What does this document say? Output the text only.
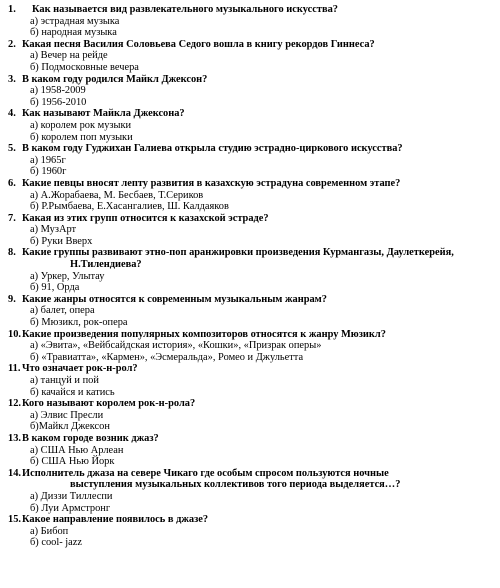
1.	Как называется вид развлекательного музыкального искусства?
а) эстрадная музыка
б) народная музыка
2. Какая песня Василия Соловьева Седого вошла в книгу рекордов Гиннеса?
а) Вечер на рейде
б) Подмосковные вечера
3. В каком году родился Майкл Джексон?
а) 1958-2009
б) 1956-2010
4. Как называют Майкла Джексона?
а) королем рок музыки
б) королем поп музыки
5. В каком году Гуджихан Галиева открыла студию эстрадно-циркового искусства?
а) 1965г
б) 1960г
6. Какие певцы вносят лепту развития в казахскую эстрадуна современном этапе?
а) А.Жорабаева, М. Бесбаев, Т.Сериков
б) Р.Рымбаева, Е.Хасангалиев, Ш. Калдаяков
7. Какая из этих групп относится к казахской эстраде?
а) МузАрт
б) Руки Вверх
8. Какие группы развивают этно-поп аранжировки произведения Курмангазы, Даулеткерейя,
Н.Тилендиева?
а) Уркер, Улытау
б) 91, Орда
9. Какие жанры относятся к современным музыкальным жанрам?
а) балет, опера
б) Мюзикл, рок-опера
10. Какие произведения популярных композиторов относятся к жанру Мюзикл?
а) «Эвита», «Вейбсайдская история», «Кошки», «Призрак оперы»
б) «Травиатта», «Кармен», «Эсмеральда», Ромео и Джульетта
11. Что означает рок-н-рол?
а) танцуй и пой
б) качайся и катись
12. Кого называют королем рок-н-рола?
а) Элвис Пресли
б)Майкл Джексон
13. В каком городе возник джаз?
а) США Нью Арлеан
б) США Нью Йорк
14. Исполнитель джаза на севере Чикаго где особым спросом пользуются ночные
выступления музыкальных коллективов того периода выделяется…?
а) Диззи Тиллеспи
б) Луи Армстронг
15. Какое направление появилось в джазе?
а) Бибоп
б) cool- jazz
